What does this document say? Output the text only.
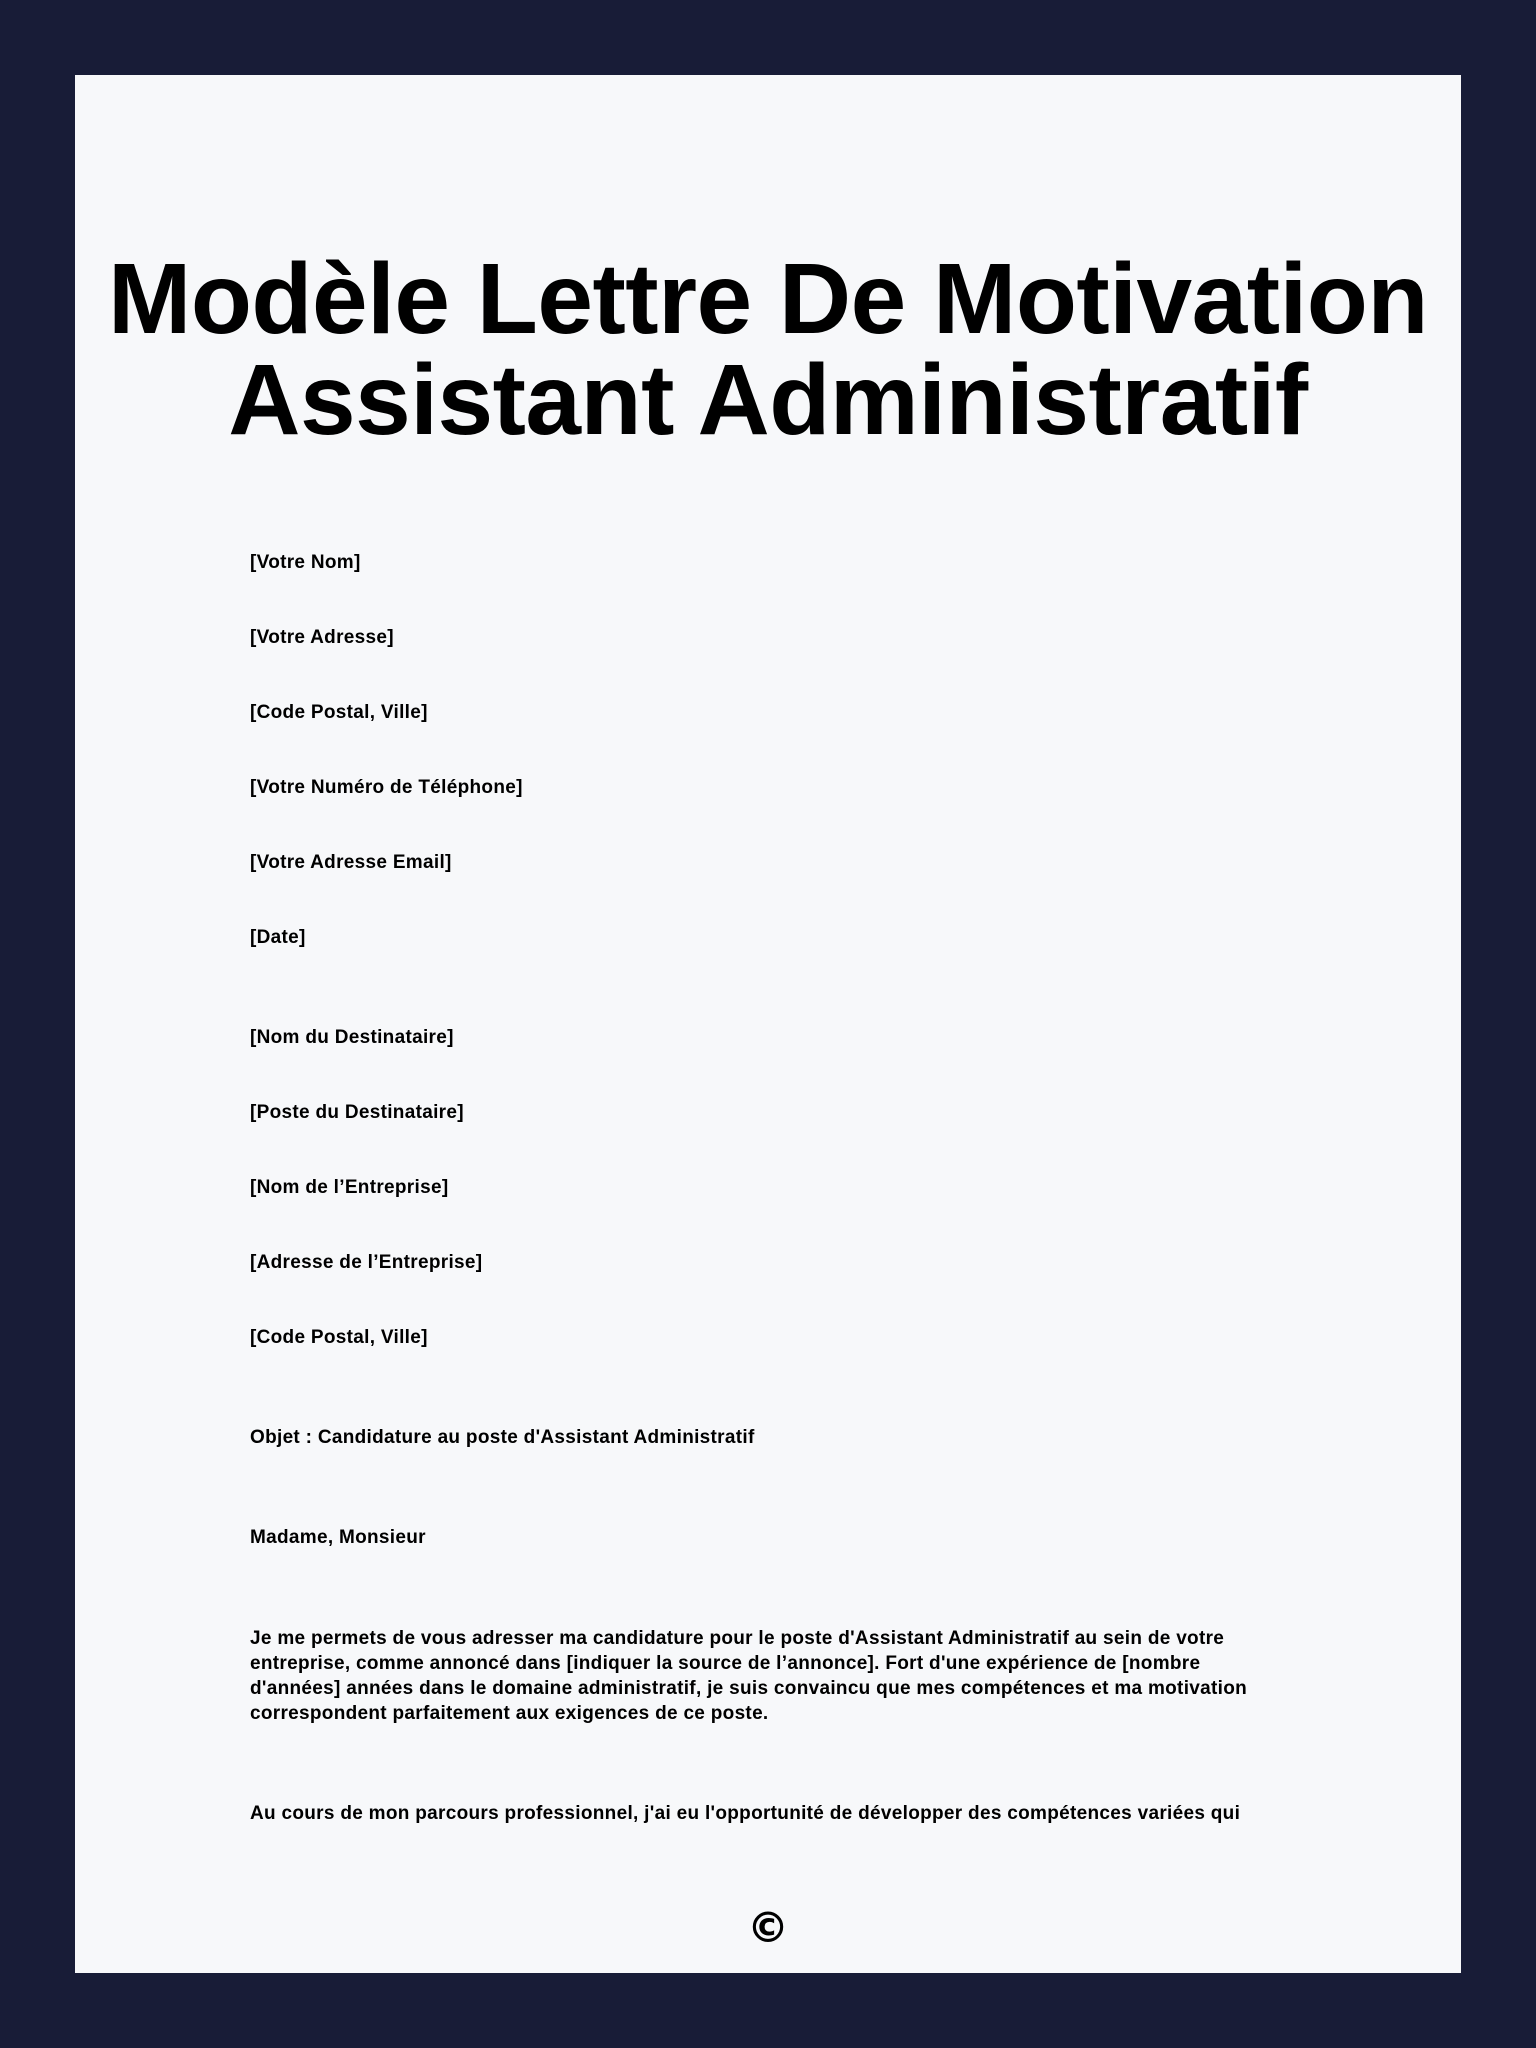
Modèle Lettre De Motivation
Assistant Administratif
[Votre Nom]
[Votre Adresse]
[Code Postal, Ville]
[Votre Numéro de Téléphone]
[Votre Adresse Email]
[Date]
[Nom du Destinataire]
[Poste du Destinataire]
[Nom de l’Entreprise]
[Adresse de l’Entreprise]
[Code Postal, Ville]
Objet : Candidature au poste d'Assistant Administratif
Madame, Monsieur

Je me permets de vous adresser ma candidature pour le poste d'Assistant Administratif au sein de votre entreprise, comme annoncé dans [indiquer la source de l’annonce]. Fort d'une expérience de [nombre d'années] années dans le domaine administratif, je suis convaincu que mes compétences et ma motivation correspondent parfaitement aux exigences de ce poste.

Au cours de mon parcours professionnel, j'ai eu l'opportunité de développer des compétences variées qui

©
